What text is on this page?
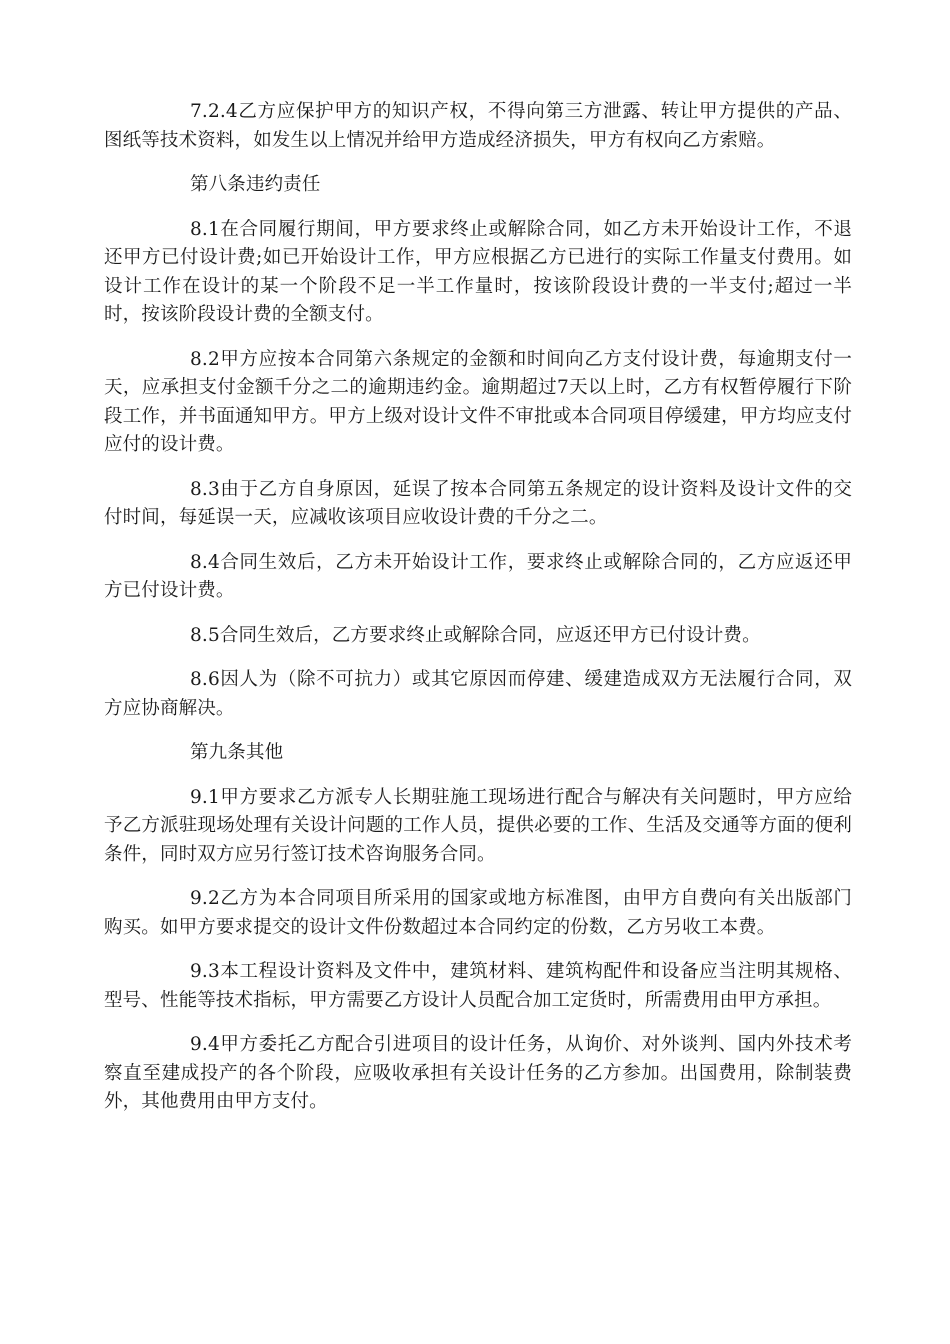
7.2.4乙方应保护甲方的知识产权，不得向第三方泄露、转让甲方提供的产品、图纸等技术资料，如发生以上情况并给甲方造成经济损失，甲方有权向乙方索赔。

第八条违约责任

8.1在合同履行期间，甲方要求终止或解除合同，如乙方未开始设计工作，不退还甲方已付设计费;如已开始设计工作，甲方应根据乙方已进行的实际工作量支付费用。如设计工作在设计的某一个阶段不足一半工作量时，按该阶段设计费的一半支付;超过一半时，按该阶段设计费的全额支付。

8.2甲方应按本合同第六条规定的金额和时间向乙方支付设计费，每逾期支付一天，应承担支付金额千分之二的逾期违约金。逾期超过7天以上时，乙方有权暂停履行下阶段工作，并书面通知甲方。甲方上级对设计文件不审批或本合同项目停缓建，甲方均应支付应付的设计费。

8.3由于乙方自身原因，延误了按本合同第五条规定的设计资料及设计文件的交付时间，每延误一天，应减收该项目应收设计费的千分之二。

8.4合同生效后，乙方未开始设计工作，要求终止或解除合同的，乙方应返还甲方已付设计费。

8.5合同生效后，乙方要求终止或解除合同，应返还甲方已付设计费。

8.6因人为（除不可抗力）或其它原因而停建、缓建造成双方无法履行合同，双方应协商解决。

第九条其他

9.1甲方要求乙方派专人长期驻施工现场进行配合与解决有关问题时，甲方应给予乙方派驻现场处理有关设计问题的工作人员，提供必要的工作、生活及交通等方面的便利条件，同时双方应另行签订技术咨询服务合同。

9.2乙方为本合同项目所采用的国家或地方标准图，由甲方自费向有关出版部门购买。如甲方要求提交的设计文件份数超过本合同约定的份数，乙方另收工本费。

9.3本工程设计资料及文件中，建筑材料、建筑构配件和设备应当注明其规格、型号、性能等技术指标，甲方需要乙方设计人员配合加工定货时，所需费用由甲方承担。

9.4甲方委托乙方配合引进项目的设计任务，从询价、对外谈判、国内外技术考察直至建成投产的各个阶段，应吸收承担有关设计任务的乙方参加。出国费用，除制装费外，其他费用由甲方支付。
